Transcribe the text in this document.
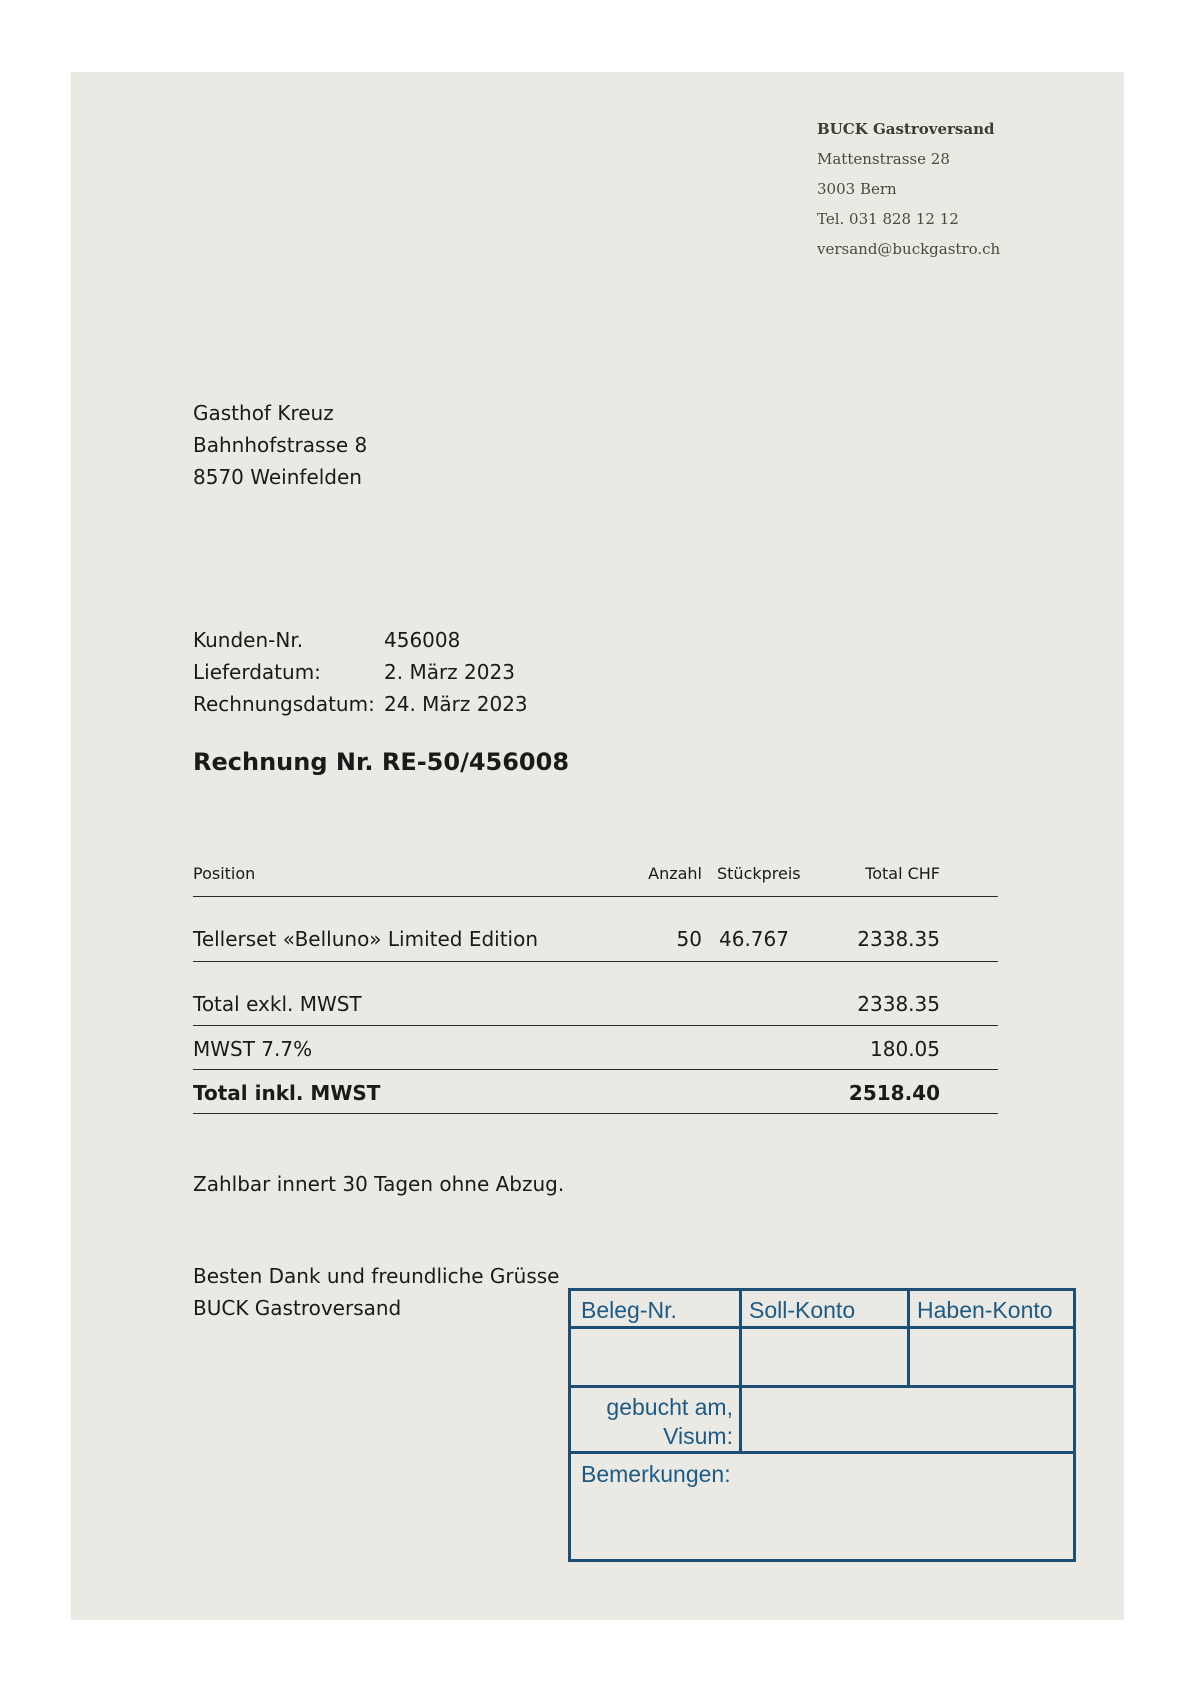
BUCK Gastroversand
Mattenstrasse 28
3003 Bern
Tel. 031 828 12 12
versand@buckgastro.ch
Gasthof Kreuz
Bahnhofstrasse 8
8570 Weinfelden
Kunden-Nr.	456008
Lieferdatum:	2. März 2023
Rechnungsdatum: 24. März 2023
Rechnung Nr. RE-50/456008
Position	Anzahl Stückpreis	Total CHF
Tellerset «Belluno» Limited Edition	50 46.767	2338.35
Total exkl. MWST	2338.35
MWST 7.7%	180.05
Total inkl. MWST	2518.40
Zahlbar innert 30 Tagen ohne Abzug.
Besten Dank und freundliche Grüsse
BUCK Gastroversand	Beleg-Nr.	Soll-Konto	Haben-Konto
gebucht am,
Visum:
Bemerkungen:
